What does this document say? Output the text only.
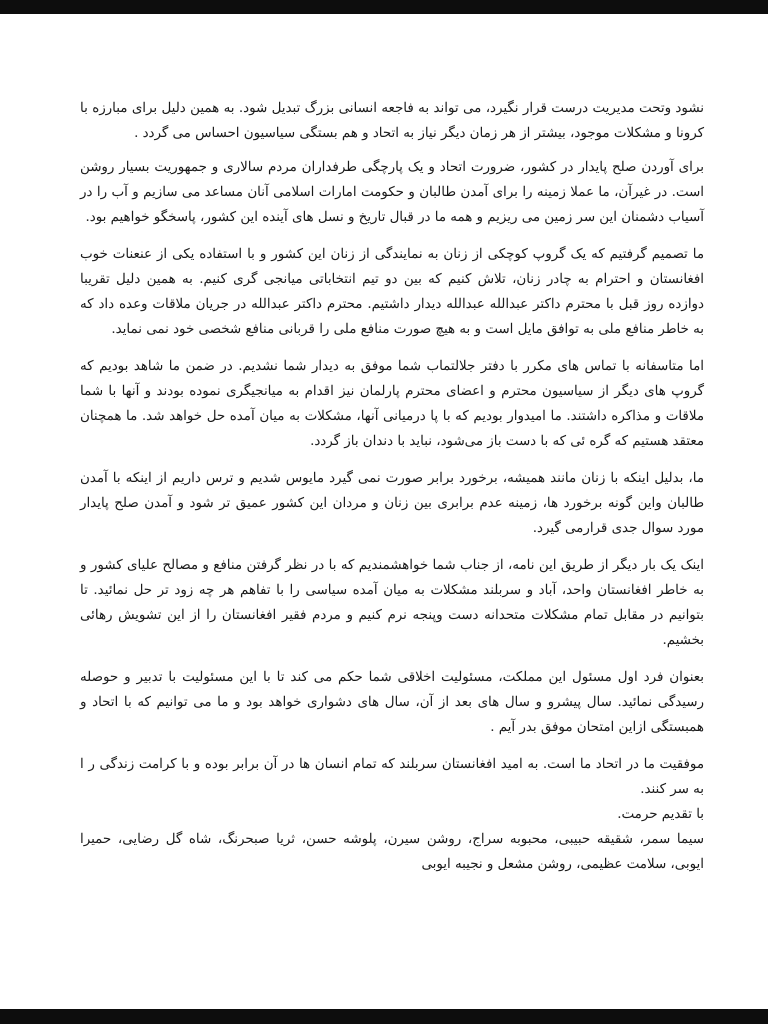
نشود وتحت مدیریت درست قرار نگیرد، می تواند به فاجعه انسانی بزرگ تبدیل شود. به همین دلیل برای مبارزه با کرونا و مشکلات موجود، بیشتر از هر زمان دیگر نیاز به اتحاد و هم بستگی سیاسیون احساس می گردد .

برای آوردن صلح پایدار در کشور، ضرورت اتحاد و یک پارچگی طرفداران مردم سالاری و جمهوریت بسیار روشن است. در غیرآن، ما عملا زمینه را برای آمدن طالبان و حکومت امارات اسلامی آنان مساعد می سازیم و آب را در آسیاب دشمنان این سر زمین می ریزیم و همه ما در قبال تاریخ و نسل های آینده این کشور، پاسخگو خواهیم بود.

ما تصمیم گرفتیم که یک گروپ کوچکی از زنان به نمایندگی از زنان این کشور و با استفاده یکی از عنعنات خوب افغانستان و احترام به چادر زنان، تلاش کنیم که بین دو تیم انتخاباتی میانجی گری کنیم. به همین دلیل تقریبا دوازده روز قبل با محترم داکتر عبدالله عبدالله دیدار داشتیم. محترم داکتر عبدالله در جریان ملاقات وعده داد که به خاطر منافع ملی به توافق مایل است و به هیچ صورت منافع ملی را قربانی منافع شخصی خود نمی نماید.

اما متاسفانه با تماس های مکرر با دفتر جلالتماب شما موفق به دیدار شما نشدیم. در ضمن ما شاهد بودیم که گروپ های دیگر از سیاسیون محترم و اعضای محترم پارلمان نیز اقدام به میانجیگری نموده بودند و آنها با شما ملاقات و مذاکره داشتند. ما امیدوار بودیم که با پا درمیانی آنها، مشکلات به میان آمده حل خواهد شد. ما همچنان معتقد هستیم که گره ئی که با دست باز می‌شود، نباید با دندان باز گردد.

ما، بدلیل اینکه با زنان مانند همیشه، برخورد برابر صورت نمی گیرد مایوس شدیم و ترس داریم از اینکه با آمدن طالبان واین گونه برخورد ها، زمینه عدم برابری بین زنان و مردان این کشور عمیق تر شود و آمدن صلح پایدار مورد سوال جدی قرارمی گیرد.

اینک یک بار دیگر از طریق این نامه، از جناب شما خواهشمندیم که با در نظر گرفتن منافع و مصالح علیای کشور و به خاطر افغانستان واحد، آباد و سربلند مشکلات به میان آمده سیاسی را با تفاهم هر چه زود تر حل نمائید. تا بتوانیم در مقابل تمام مشکلات متحدانه دست وپنجه نرم کنیم و مردم فقیر افغانستان را از این تشویش رهائی بخشیم.

بعنوان فرد اول مسئول این مملکت، مسئولیت اخلاقی شما حکم می کند تا با این مسئولیت با تدبیر و حوصله رسیدگی نمائید. سال پیشرو و سال های بعد از آن، سال های دشواری خواهد بود و ما می توانیم که با اتحاد و همبستگی ازاین امتحان موفق بدر آیم .

موفقیت ما در اتحاد ما است. به امید افغانستان سربلند که تمام انسان ها در آن برابر بوده و با کرامت زندگی ر ا به سر کنند.

با تقدیم حرمت.

سیما سمر، شقیقه حبیبی، محبوبه سراج، روشن سیرن، پلوشه حسن، ثریا صبحرنگ، شاه گل رضایی، حمیرا ایوبی، سلامت عظیمی، روشن مشعل و نجیبه ایوبی
